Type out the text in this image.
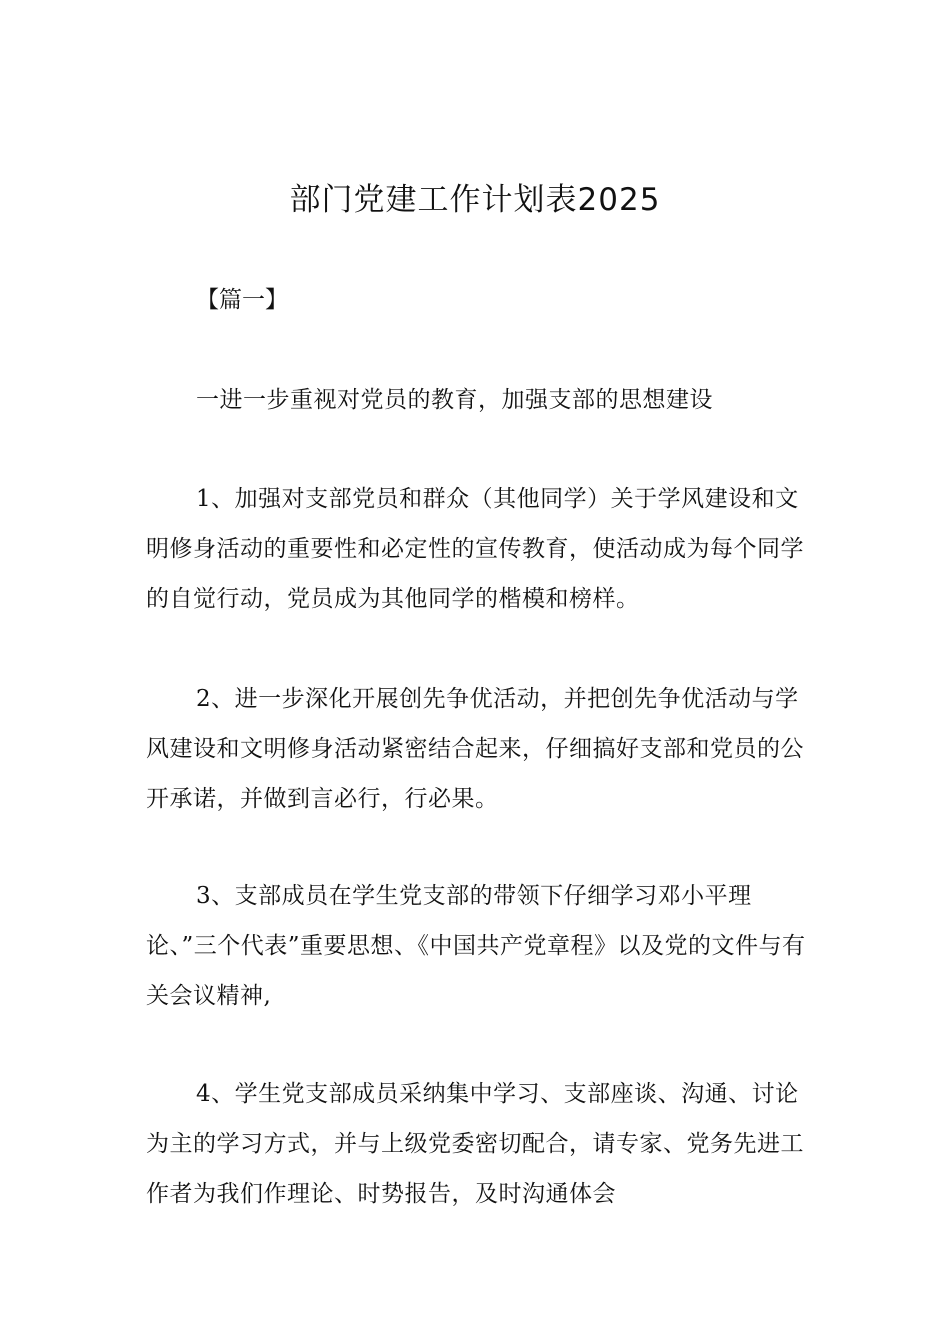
部门党建工作计划表2025

【篇一】

一进一步重视对党员的教育，加强支部的思想建设

1、加强对支部党员和群众（其他同学）关于学风建设和文明修身活动的重要性和必定性的宣传教育，使活动成为每个同学的自觉行动，党员成为其他同学的楷模和榜样。

2、进一步深化开展创先争优活动，并把创先争优活动与学风建设和文明修身活动紧密结合起来，仔细搞好支部和党员的公开承诺，并做到言必行，行必果。

3、支部成员在学生党支部的带领下仔细学习邓小平理论、”三个代表”重要思想、《中国共产党章程》以及党的文件与有关会议精神,

4、学生党支部成员采纳集中学习、支部座谈、沟通、讨论为主的学习方式，并与上级党委密切配合，请专家、党务先进工作者为我们作理论、时势报告，及时沟通体会
